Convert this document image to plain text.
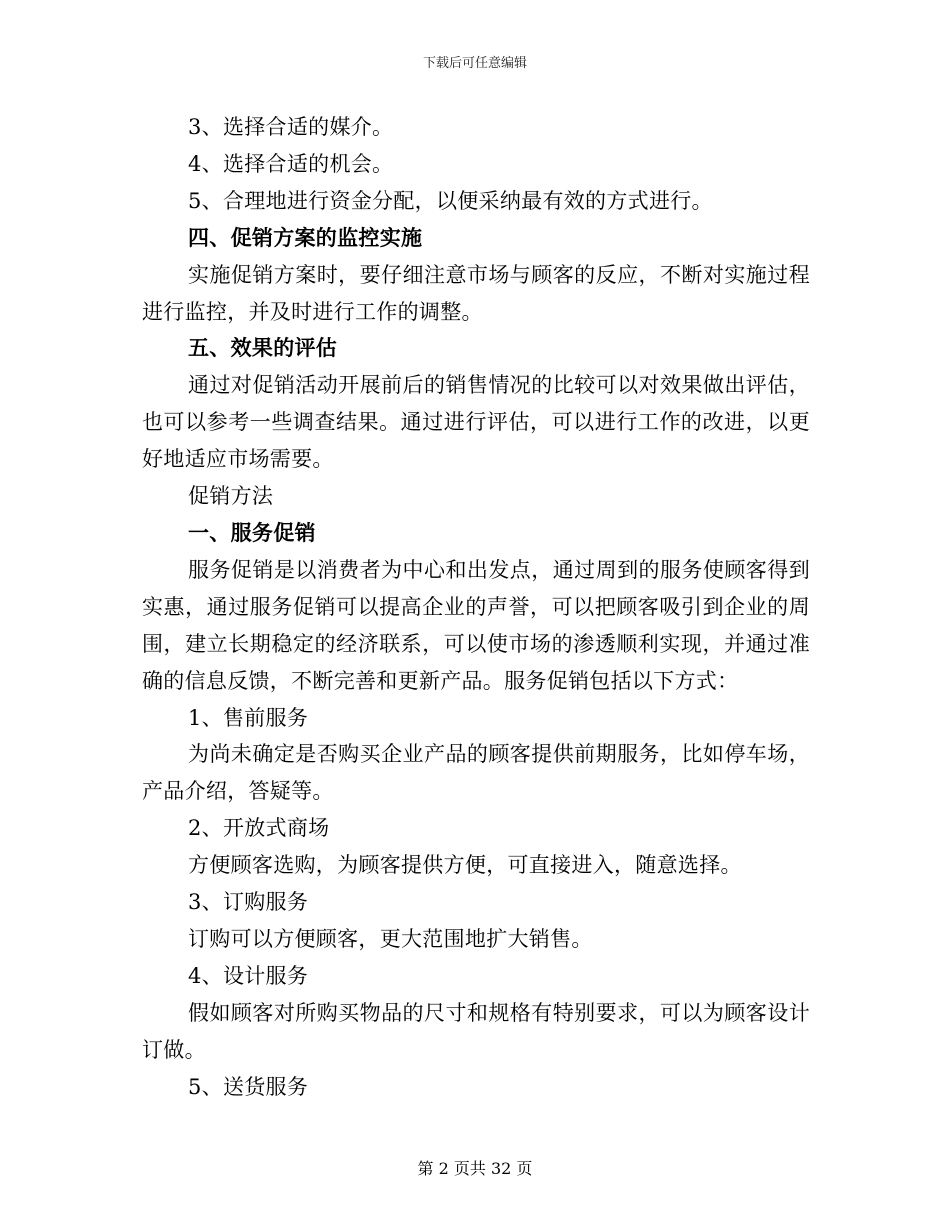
下载后可任意编辑

3、选择合适的媒介。

4、选择合适的机会。

5、合理地进行资金分配，以便采纳最有效的方式进行。

四、促销方案的监控实施

实施促销方案时，要仔细注意市场与顾客的反应，不断对实施过程进行监控，并及时进行工作的调整。

五、效果的评估

通过对促销活动开展前后的销售情况的比较可以对效果做出评估，也可以参考一些调查结果。通过进行评估，可以进行工作的改进，以更好地适应市场需要。

促销方法

一、服务促销

服务促销是以消费者为中心和出发点，通过周到的服务使顾客得到实惠，通过服务促销可以提高企业的声誉，可以把顾客吸引到企业的周围，建立长期稳定的经济联系，可以使市场的渗透顺利实现，并通过准确的信息反馈，不断完善和更新产品。服务促销包括以下方式：

1、售前服务

为尚未确定是否购买企业产品的顾客提供前期服务，比如停车场，产品介绍，答疑等。

2、开放式商场

方便顾客选购，为顾客提供方便，可直接进入，随意选择。

3、订购服务

订购可以方便顾客，更大范围地扩大销售。

4、设计服务

假如顾客对所购买物品的尺寸和规格有特别要求，可以为顾客设计订做。

5、送货服务

第 2 页共 32 页
